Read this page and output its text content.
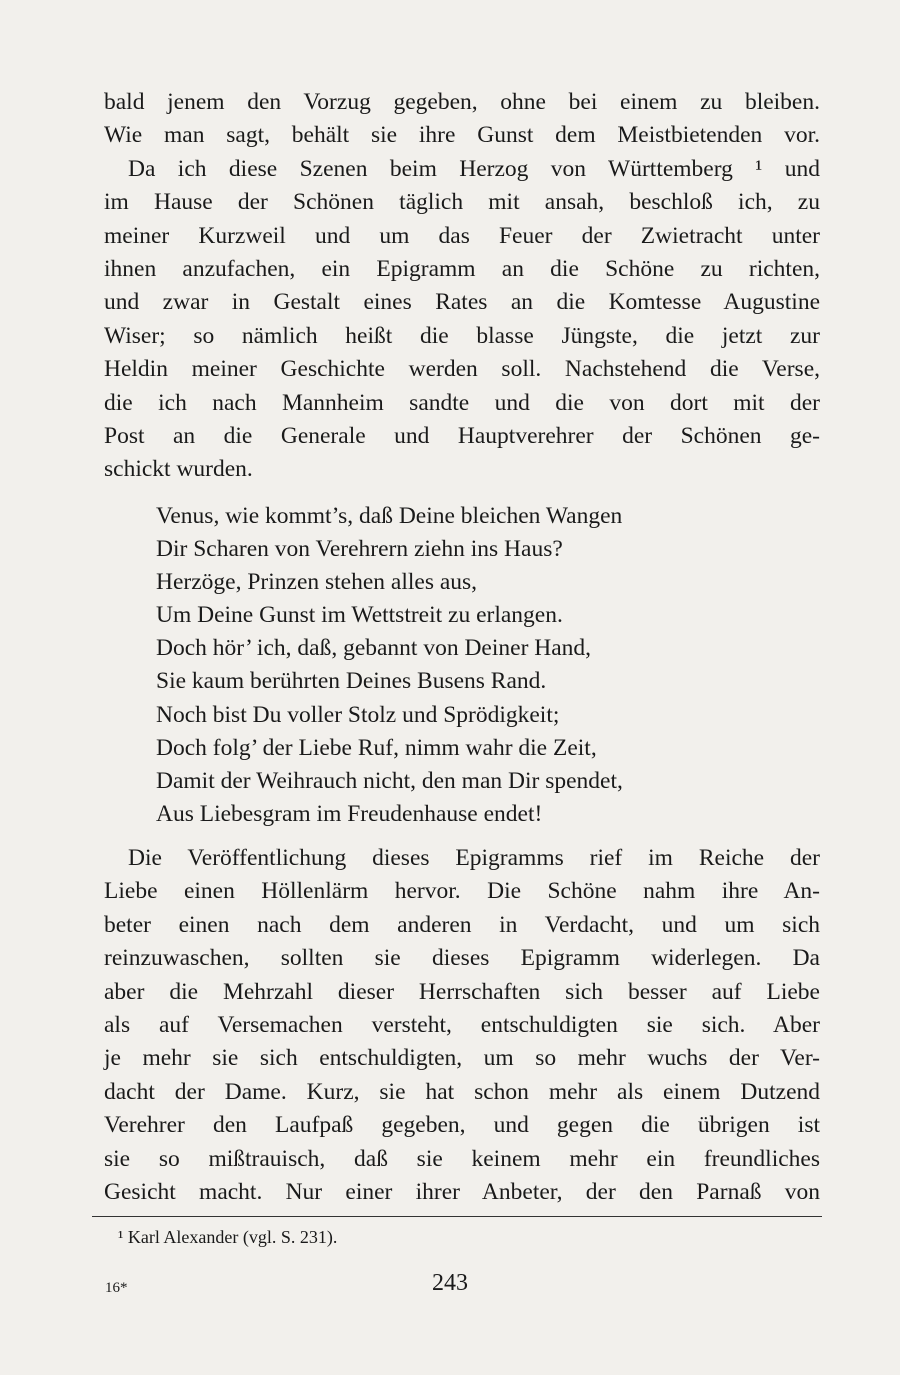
bald jenem den Vorzug gegeben, ohne bei einem zu bleiben.
Wie man sagt, behält sie ihre Gunst dem Meistbietenden vor.
Da ich diese Szenen beim Herzog von Württemberg ¹ und
im Hause der Schönen täglich mit ansah, beschloß ich, zu
meiner Kurzweil und um das Feuer der Zwietracht unter
ihnen anzufachen, ein Epigramm an die Schöne zu richten,
und zwar in Gestalt eines Rates an die Komtesse Augustine
Wiser; so nämlich heißt die blasse Jüngste, die jetzt zur
Heldin meiner Geschichte werden soll. Nachstehend die Verse,
die ich nach Mannheim sandte und die von dort mit der
Post an die Generale und Hauptverehrer der Schönen ge-
schickt wurden.
Venus, wie kommt’s, daß Deine bleichen Wangen
Dir Scharen von Verehrern ziehn ins Haus?
Herzöge, Prinzen stehen alles aus,
Um Deine Gunst im Wettstreit zu erlangen.
Doch hör’ ich, daß, gebannt von Deiner Hand,
Sie kaum berührten Deines Busens Rand.
Noch bist Du voller Stolz und Sprödigkeit;
Doch folg’ der Liebe Ruf, nimm wahr die Zeit,
Damit der Weihrauch nicht, den man Dir spendet,
Aus Liebesgram im Freudenhause endet!
Die Veröffentlichung dieses Epigramms rief im Reiche der
Liebe einen Höllenlärm hervor. Die Schöne nahm ihre An-
beter einen nach dem anderen in Verdacht, und um sich
reinzuwaschen, sollten sie dieses Epigramm widerlegen. Da
aber die Mehrzahl dieser Herrschaften sich besser auf Liebe
als auf Versemachen versteht, entschuldigten sie sich. Aber
je mehr sie sich entschuldigten, um so mehr wuchs der Ver-
dacht der Dame. Kurz, sie hat schon mehr als einem Dutzend
Verehrer den Laufpaß gegeben, und gegen die übrigen ist
sie so mißtrauisch, daß sie keinem mehr ein freundliches
Gesicht macht. Nur einer ihrer Anbeter, der den Parnaß von
¹ Karl Alexander (vgl. S. 231).
16*	243
